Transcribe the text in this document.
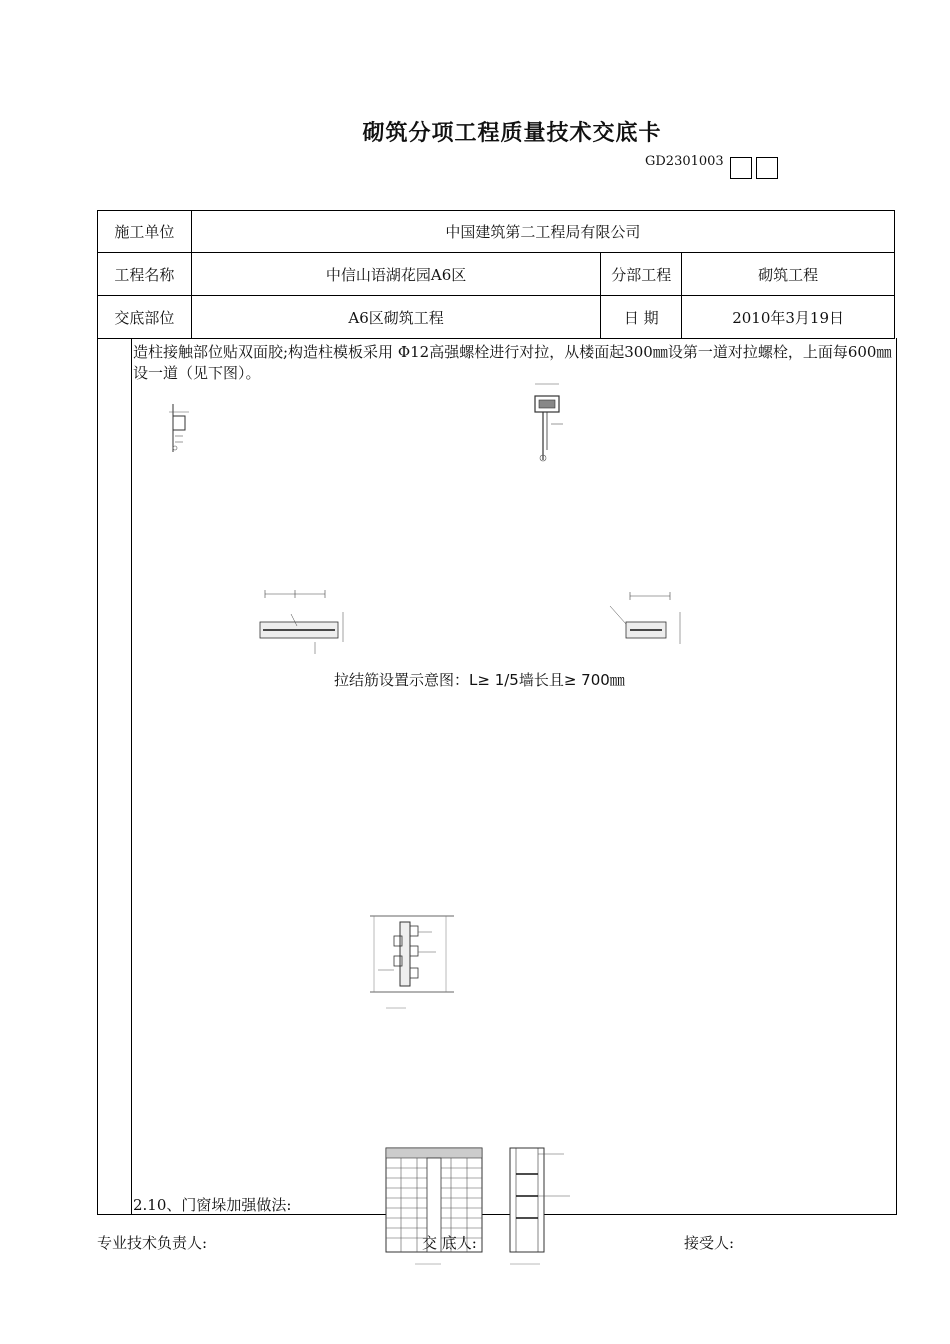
砌筑分项工程质量技术交底卡
GD2301003
施工单位	中国建筑第二工程局有限公司		
工程名称	中信山语湖花园A6区	分部工程	砌筑工程
交底部位	A6区砌筑工程	日 期	2010年3月19日
造柱接触部位贴双面胶;构造柱模板采用 Φ12高强螺栓进行对拉，从楼面起300㎜设第一道对拉螺栓，上面每600㎜设一道（见下图）。
拉结筋设置示意图：L≥ 1/5墙长且≥ 700㎜
2.10、门窗垛加强做法:
专业技术负责人:	交 底人:	接受人:
